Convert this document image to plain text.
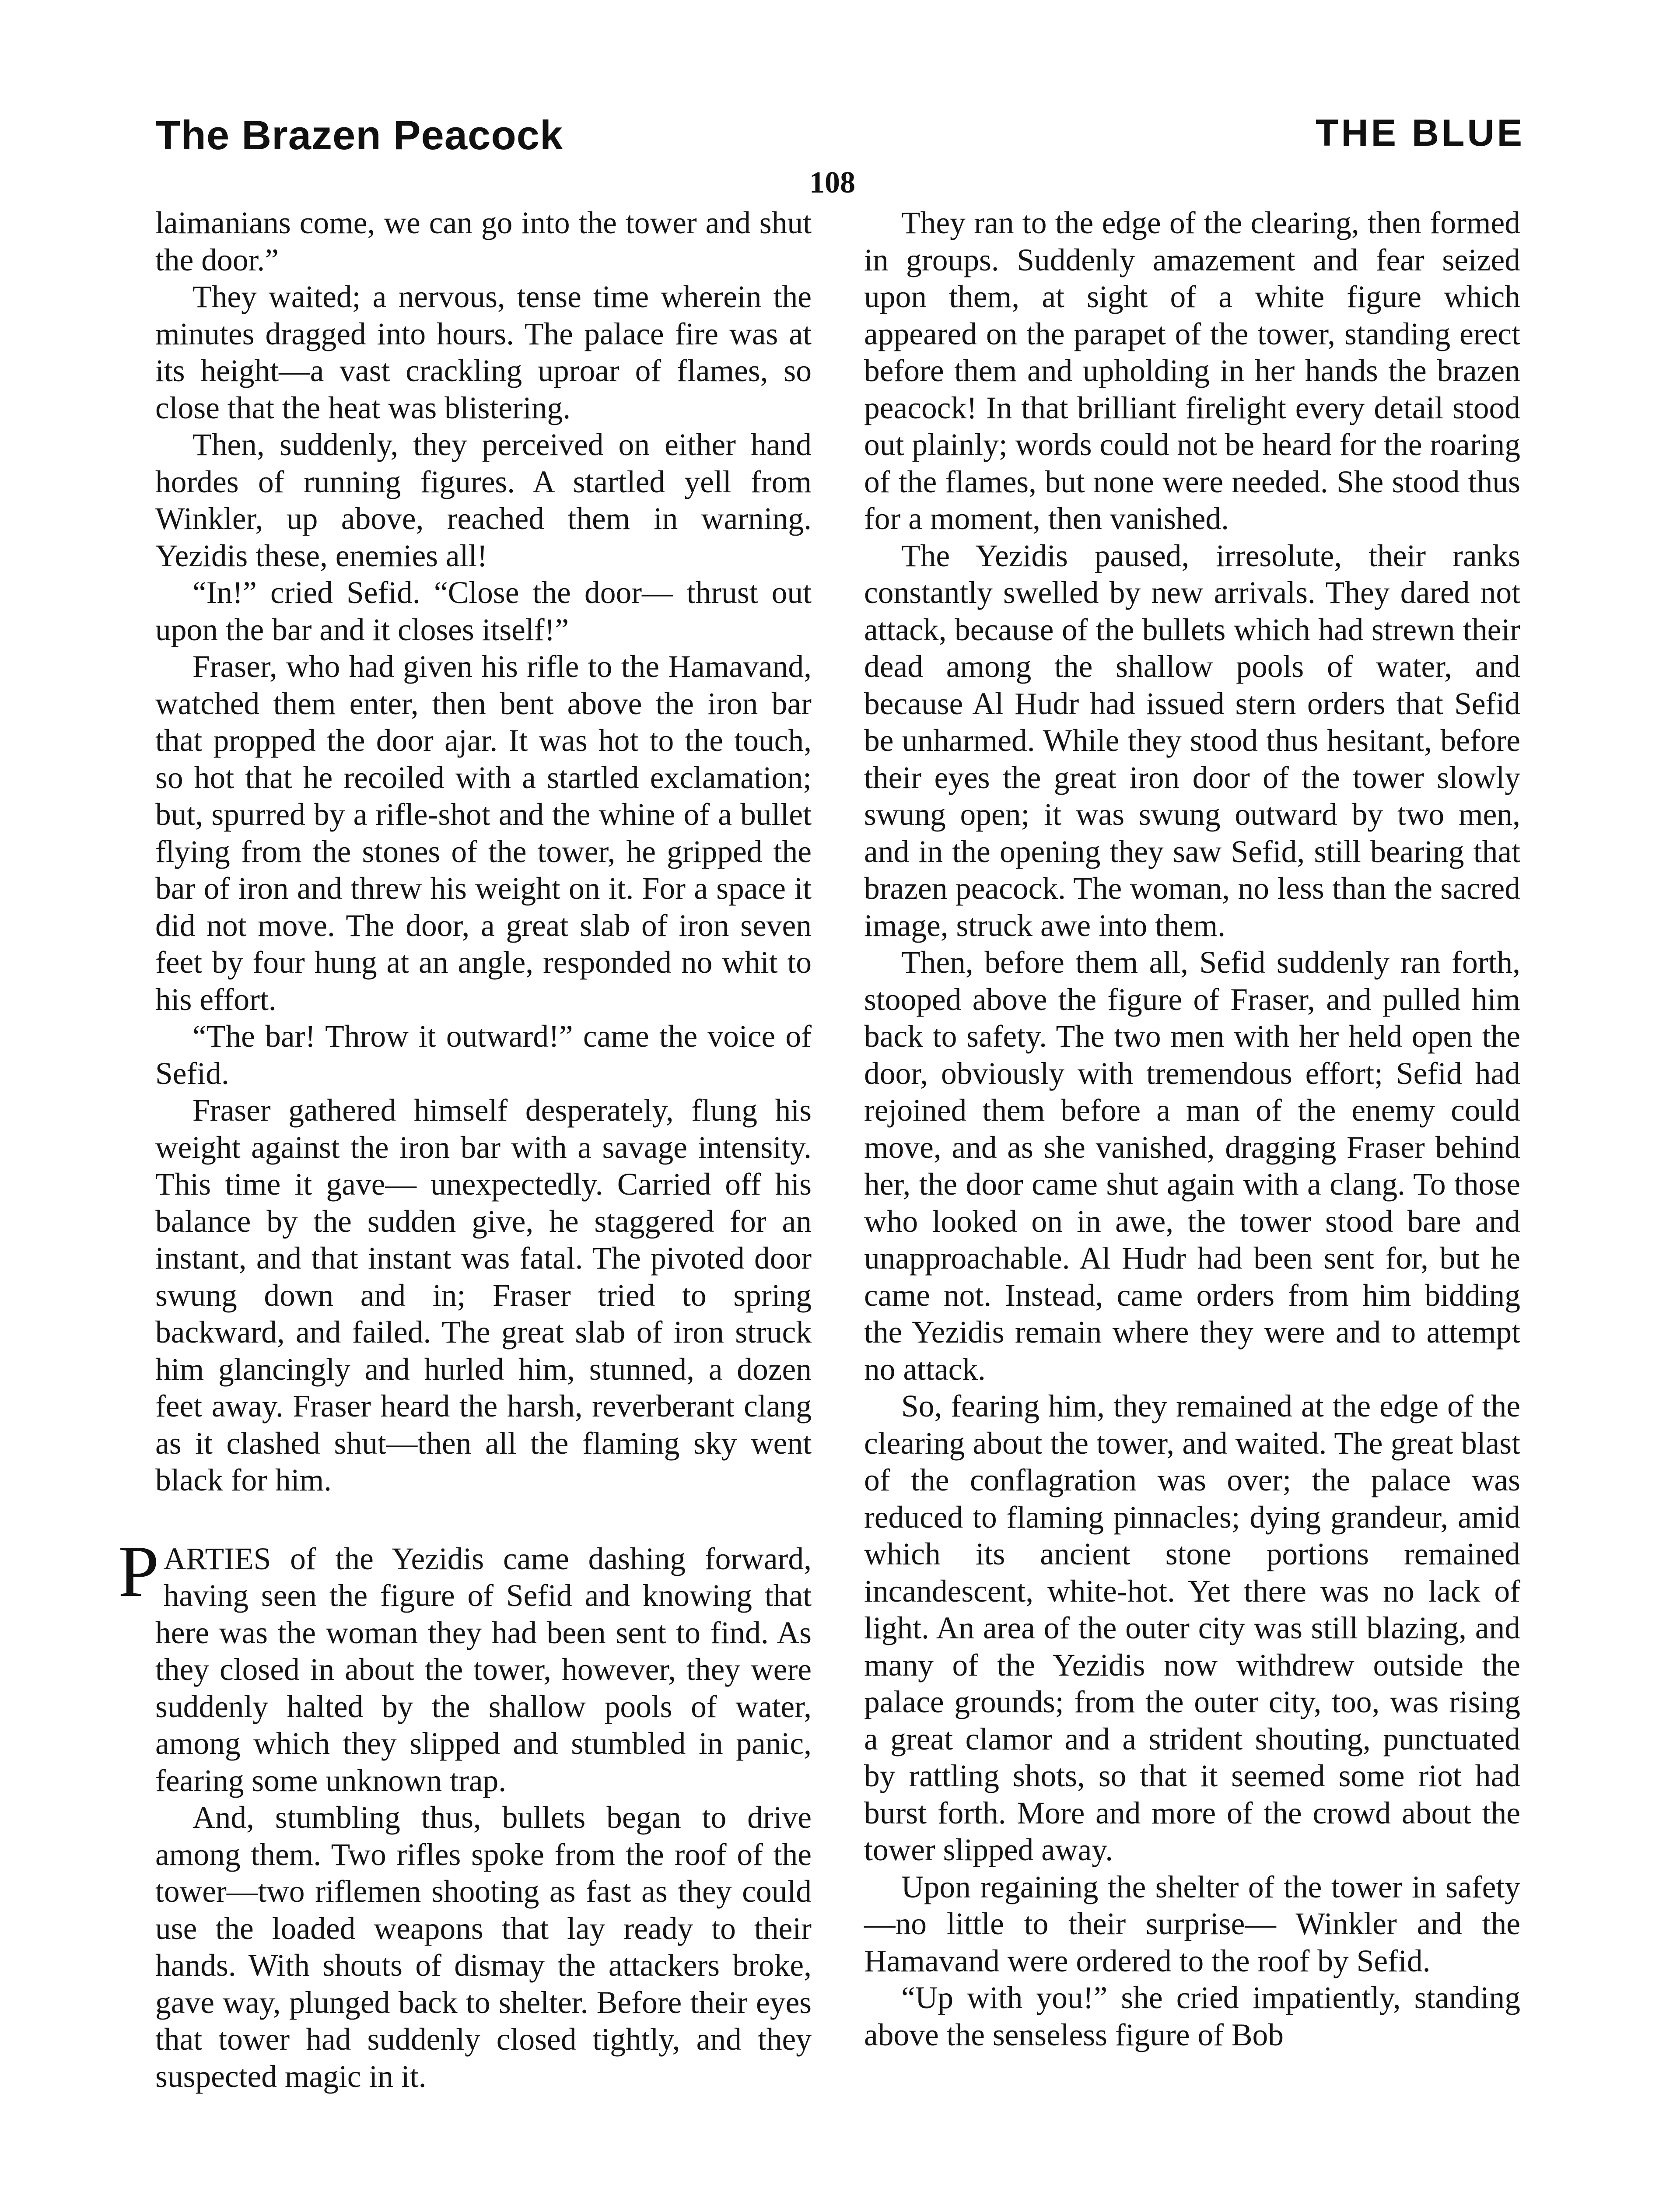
The Brazen Peacock	THE BLUE
108

laimanians come, we can go into the tower and shut the door.”

They waited; a nervous, tense time wherein the minutes dragged into hours. The palace fire was at its height—a vast crackling uproar of flames, so close that the heat was blistering.

Then, suddenly, they perceived on either hand hordes of running figures. A startled yell from Winkler, up above, reached them in warning. Yezidis these, enemies all!

“In!” cried Sefid. “Close the door— thrust out upon the bar and it closes itself!”

Fraser, who had given his rifle to the Hamavand, watched them enter, then bent above the iron bar that propped the door ajar. It was hot to the touch, so hot that he recoiled with a startled exclamation; but, spurred by a rifle-shot and the whine of a bullet flying from the stones of the tower, he gripped the bar of iron and threw his weight on it. For a space it did not move. The door, a great slab of iron seven feet by four hung at an angle, responded no whit to his effort.

“The bar! Throw it outward!” came the voice of Sefid.

Fraser gathered himself desperately, flung his weight against the iron bar with a savage intensity. This time it gave— unexpectedly. Carried off his balance by the sudden give, he staggered for an instant, and that instant was fatal. The pivoted door swung down and in; Fraser tried to spring backward, and failed. The great slab of iron struck him glancingly and hurled him, stunned, a dozen feet away. Fraser heard the harsh, reverberant clang as it clashed shut—then all the flaming sky went black for him.

PARTIES of the Yezidis came dashing forward, having seen the figure of Sefid and knowing that here was the woman they had been sent to find. As they closed in about the tower, however, they were suddenly halted by the shallow pools of water, among which they slipped and stumbled in panic, fearing some unknown trap.

And, stumbling thus, bullets began to drive among them. Two rifles spoke from the roof of the tower—two riflemen shooting as fast as they could use the loaded weapons that lay ready to their hands. With shouts of dismay the attackers broke, gave way, plunged back to shelter. Before their eyes that tower had suddenly closed tightly, and they suspected magic in it.

They ran to the edge of the clearing, then formed in groups. Suddenly amazement and fear seized upon them, at sight of a white figure which appeared on the parapet of the tower, standing erect before them and upholding in her hands the brazen peacock! In that brilliant firelight every detail stood out plainly; words could not be heard for the roaring of the flames, but none were needed. She stood thus for a moment, then vanished.

The Yezidis paused, irresolute, their ranks constantly swelled by new arrivals. They dared not attack, because of the bullets which had strewn their dead among the shallow pools of water, and because Al Hudr had issued stern orders that Sefid be unharmed. While they stood thus hesitant, before their eyes the great iron door of the tower slowly swung open; it was swung outward by two men, and in the opening they saw Sefid, still bearing that brazen peacock. The woman, no less than the sacred image, struck awe into them.

Then, before them all, Sefid suddenly ran forth, stooped above the figure of Fraser, and pulled him back to safety. The two men with her held open the door, obviously with tremendous effort; Sefid had rejoined them before a man of the enemy could move, and as she vanished, dragging Fraser behind her, the door came shut again with a clang. To those who looked on in awe, the tower stood bare and unapproachable. Al Hudr had been sent for, but he came not. Instead, came orders from him bidding the Yezidis remain where they were and to attempt no attack.

So, fearing him, they remained at the edge of the clearing about the tower, and waited. The great blast of the conflagration was over; the palace was reduced to flaming pinnacles; dying grandeur, amid which its ancient stone portions remained incandescent, white-hot. Yet there was no lack of light. An area of the outer city was still blazing, and many of the Yezidis now withdrew outside the palace grounds; from the outer city, too, was rising a great clamor and a strident shouting, punctuated by rattling shots, so that it seemed some riot had burst forth. More and more of the crowd about the tower slipped away.

Upon regaining the shelter of the tower in safety—no little to their surprise— Winkler and the Hamavand were ordered to the roof by Sefid.

“Up with you!” she cried impatiently, standing above the senseless figure of Bob
